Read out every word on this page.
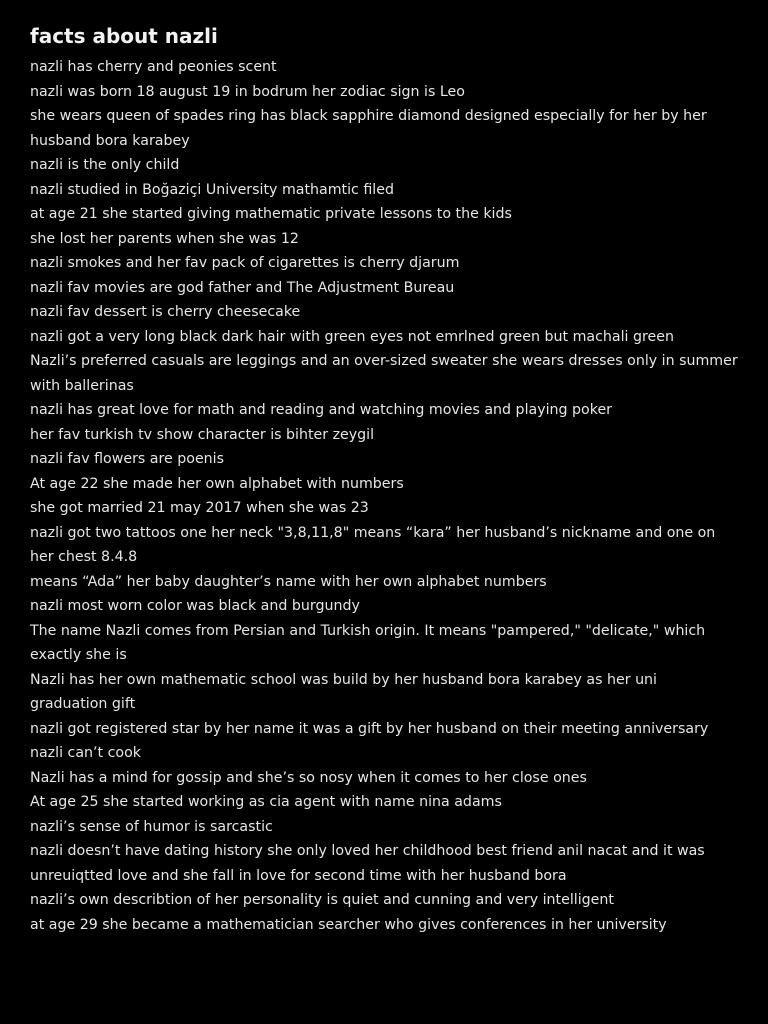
facts about nazli

nazli has cherry and peonies scent

nazli was born 18 august 19 in bodrum her zodiac sign is Leo

she wears queen of spades ring has black sapphire diamond designed especially for her by her husband bora karabey

nazli is the only child

nazli studied in Boğaziçi University mathamtic filed

at age 21 she started giving mathematic private lessons to the kids

she lost her parents when she was 12

nazli smokes and her fav pack of cigarettes is cherry djarum

nazli fav movies are god father and The Adjustment Bureau

nazli fav dessert is cherry cheesecake

nazli got a very long black dark hair with green eyes not emrlned green but machali green

Nazli’s preferred casuals are leggings and an over-sized sweater she wears dresses only in summer with ballerinas

nazli has great love for math and reading and watching movies and playing poker

her fav turkish tv show character is bihter zeygil

nazli fav flowers are poenis

At age 22 she made her own alphabet with numbers

she got married 21 may 2017 when she was 23

nazli got two tattoos one her neck "3,8,11,8" means “kara” her husband’s nickname and one on her chest 8.4.8

means “Ada” her baby daughter’s name with her own alphabet numbers

nazli most worn color was black and burgundy

The name Nazli comes from Persian and Turkish origin. It means "pampered," "delicate," which exactly she is

Nazli has her own mathematic school was build by her husband bora karabey as her uni graduation gift

nazli got registered star by her name it was a gift by her husband on their meeting anniversary

nazli can’t cook

Nazli has a mind for gossip and she’s so nosy when it comes to her close ones

At age 25 she started working as cia agent with name nina adams

nazli’s sense of humor is sarcastic

nazli doesn’t have dating history she only loved her childhood best friend anil nacat and it was unreuiqtted love and she fall in love for second time with her husband bora

nazli’s own describtion of her personality is quiet and cunning and very intelligent

at age 29 she became a mathematician searcher who gives conferences in her university
